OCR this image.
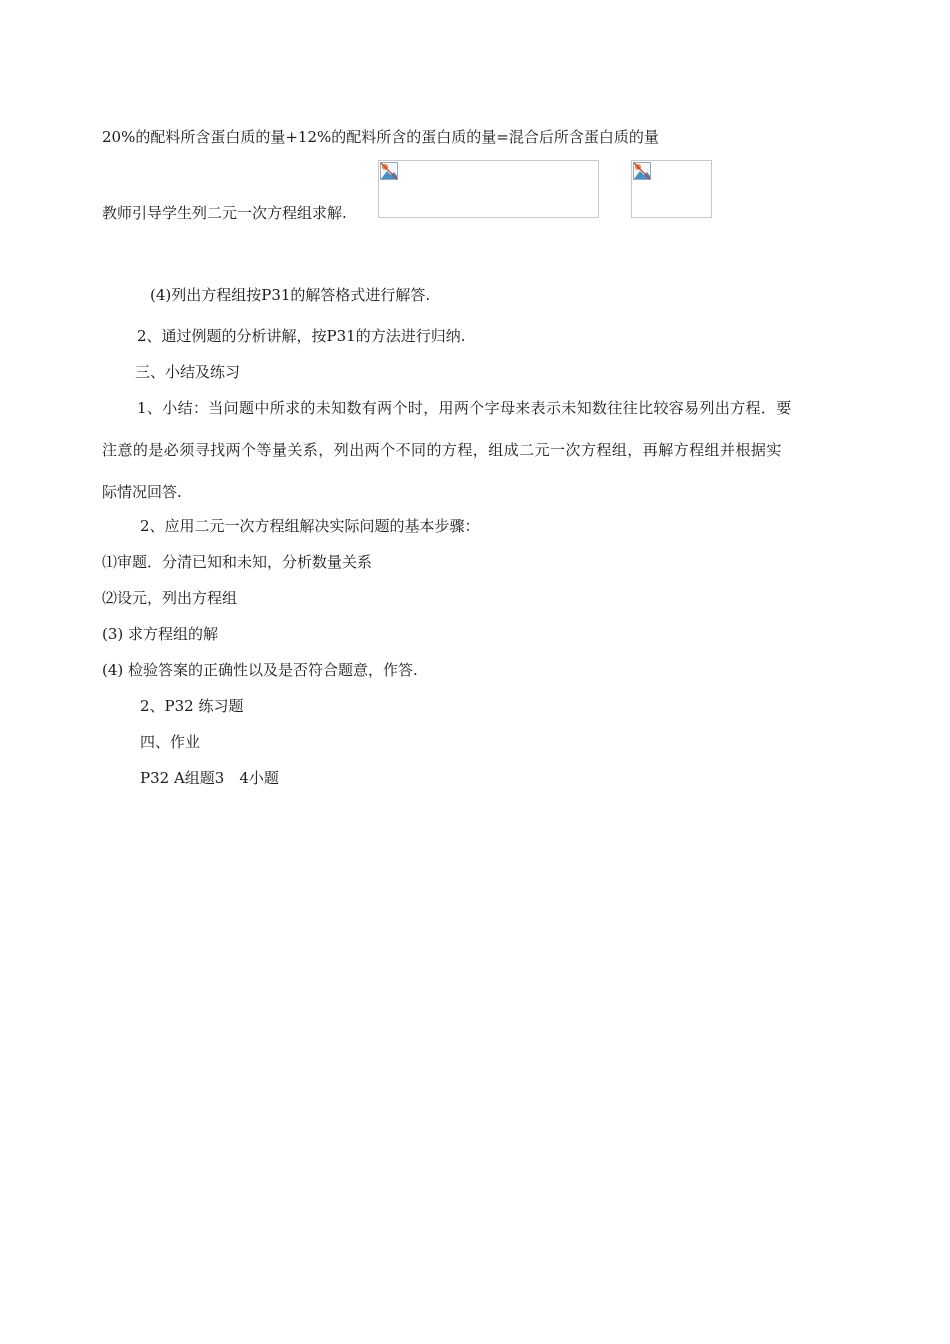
20%的配料所含蛋白质的量+12%的配料所含的蛋白质的量=混合后所含蛋白质的量
教师引导学生列二元一次方程组求解.
(4)列出方程组按P31的解答格式进行解答.
2、通过例题的分析讲解，按P31的方法进行归纳.
三、小结及练习
1、小结：当问题中所求的未知数有两个时，用两个字母来表示未知数往往比较容易列出方程．要
注意的是必须寻找两个等量关系，列出两个不同的方程，组成二元一次方程组，再解方程组并根据实
际情况回答.
2、应用二元一次方程组解决实际问题的基本步骤：
⑴审题．分清已知和未知，分析数量关系
⑵设元，列出方程组
(3) 求方程组的解
(4) 检验答案的正确性以及是否符合题意，作答.
2、P32 练习题
四、作业
P32 A组题3　4小题
